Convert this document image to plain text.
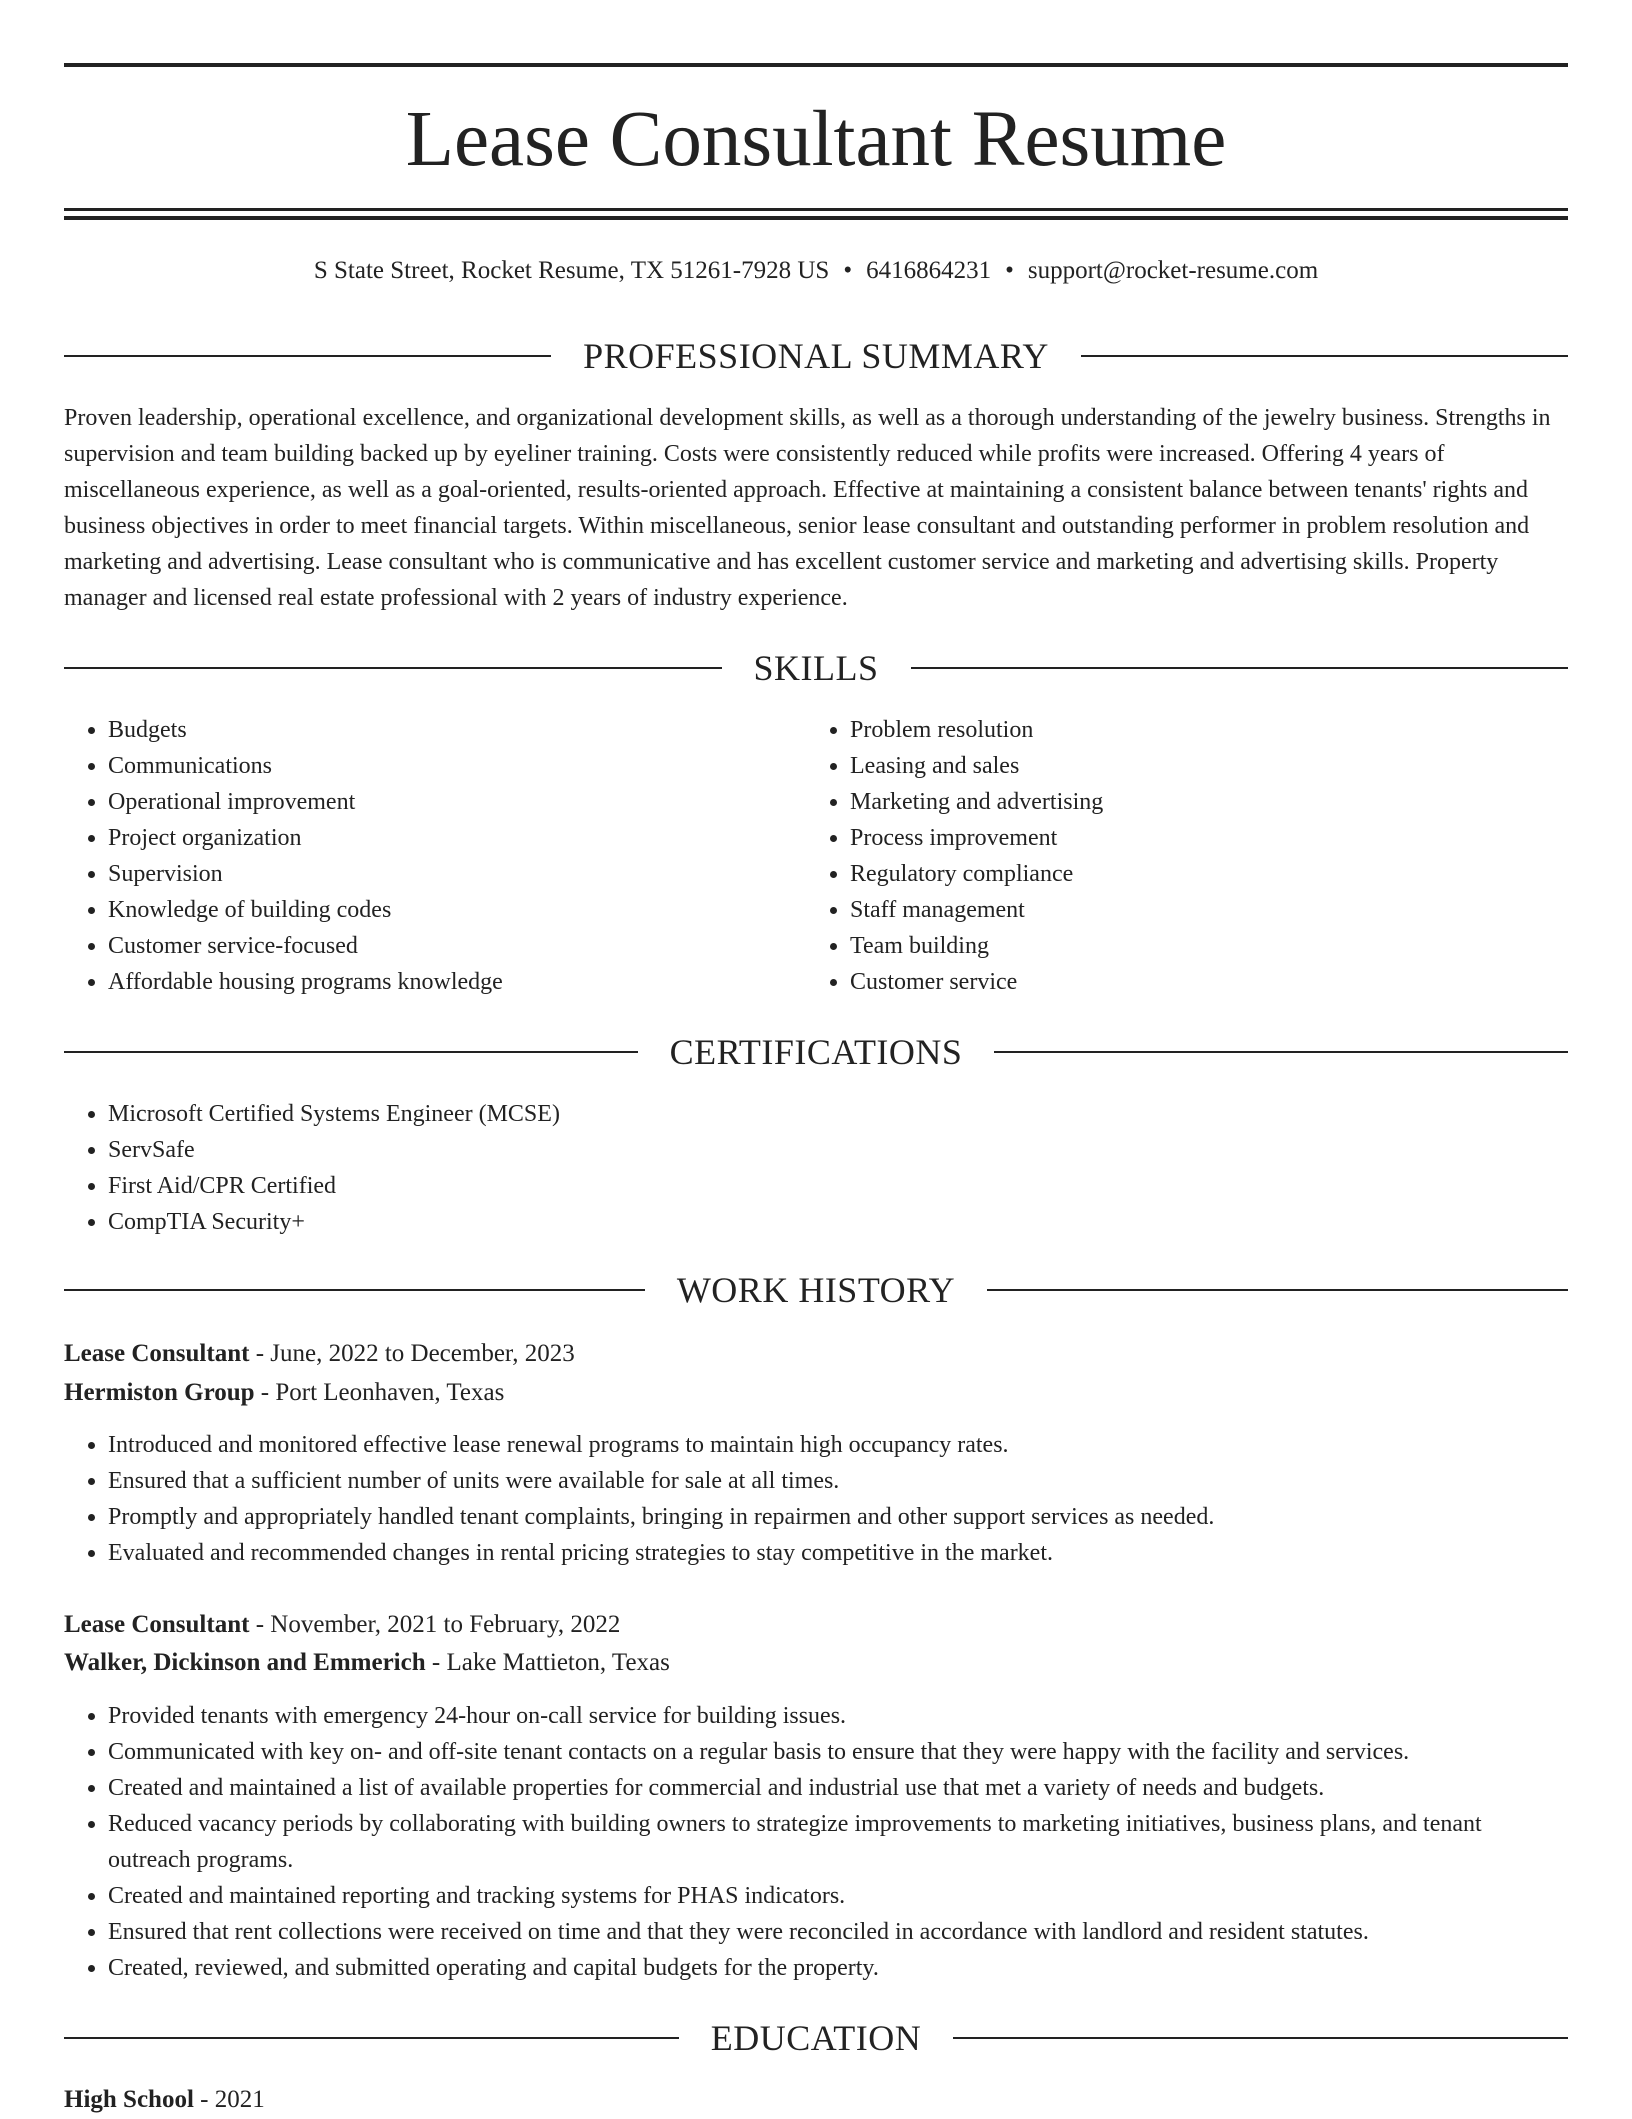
Lease Consultant Resume
S State Street, Rocket Resume, TX 51261-7928 US • 6416864231 • support@rocket-resume.com
PROFESSIONAL SUMMARY

Proven leadership, operational excellence, and organizational development skills, as well as a thorough understanding of the jewelry business. Strengths in supervision and team building backed up by eyeliner training. Costs were consistently reduced while profits were increased. Offering 4 years of miscellaneous experience, as well as a goal-oriented, results-oriented approach. Effective at maintaining a consistent balance between tenants' rights and business objectives in order to meet financial targets. Within miscellaneous, senior lease consultant and outstanding performer in problem resolution and marketing and advertising. Lease consultant who is communicative and has excellent customer service and marketing and advertising skills. Property manager and licensed real estate professional with 2 years of industry experience.

SKILLS
• Budgets
• Communications
• Operational improvement
• Project organization
• Supervision
• Knowledge of building codes
• Customer service-focused
• Affordable housing programs knowledge
• Problem resolution
• Leasing and sales
• Marketing and advertising
• Process improvement
• Regulatory compliance
• Staff management
• Team building
• Customer service
CERTIFICATIONS
• Microsoft Certified Systems Engineer (MCSE)
• ServSafe
• First Aid/CPR Certified
• CompTIA Security+
WORK HISTORY

Lease Consultant - June, 2022 to December, 2023

Hermiston Group - Port Leonhaven, Texas

• Introduced and monitored effective lease renewal programs to maintain high occupancy rates.
• Ensured that a sufficient number of units were available for sale at all times.
• Promptly and appropriately handled tenant complaints, bringing in repairmen and other support services as needed.
• Evaluated and recommended changes in rental pricing strategies to stay competitive in the market.

Lease Consultant - November, 2021 to February, 2022

Walker, Dickinson and Emmerich - Lake Mattieton, Texas

• Provided tenants with emergency 24-hour on-call service for building issues.
• Communicated with key on- and off-site tenant contacts on a regular basis to ensure that they were happy with the facility and services.
• Created and maintained a list of available properties for commercial and industrial use that met a variety of needs and budgets.
• Reduced vacancy periods by collaborating with building owners to strategize improvements to marketing initiatives, business plans, and tenant outreach programs.
• Created and maintained reporting and tracking systems for PHAS indicators.
• Ensured that rent collections were received on time and that they were reconciled in accordance with landlord and resident statutes.
• Created, reviewed, and submitted operating and capital budgets for the property.
EDUCATION

High School - 2021
